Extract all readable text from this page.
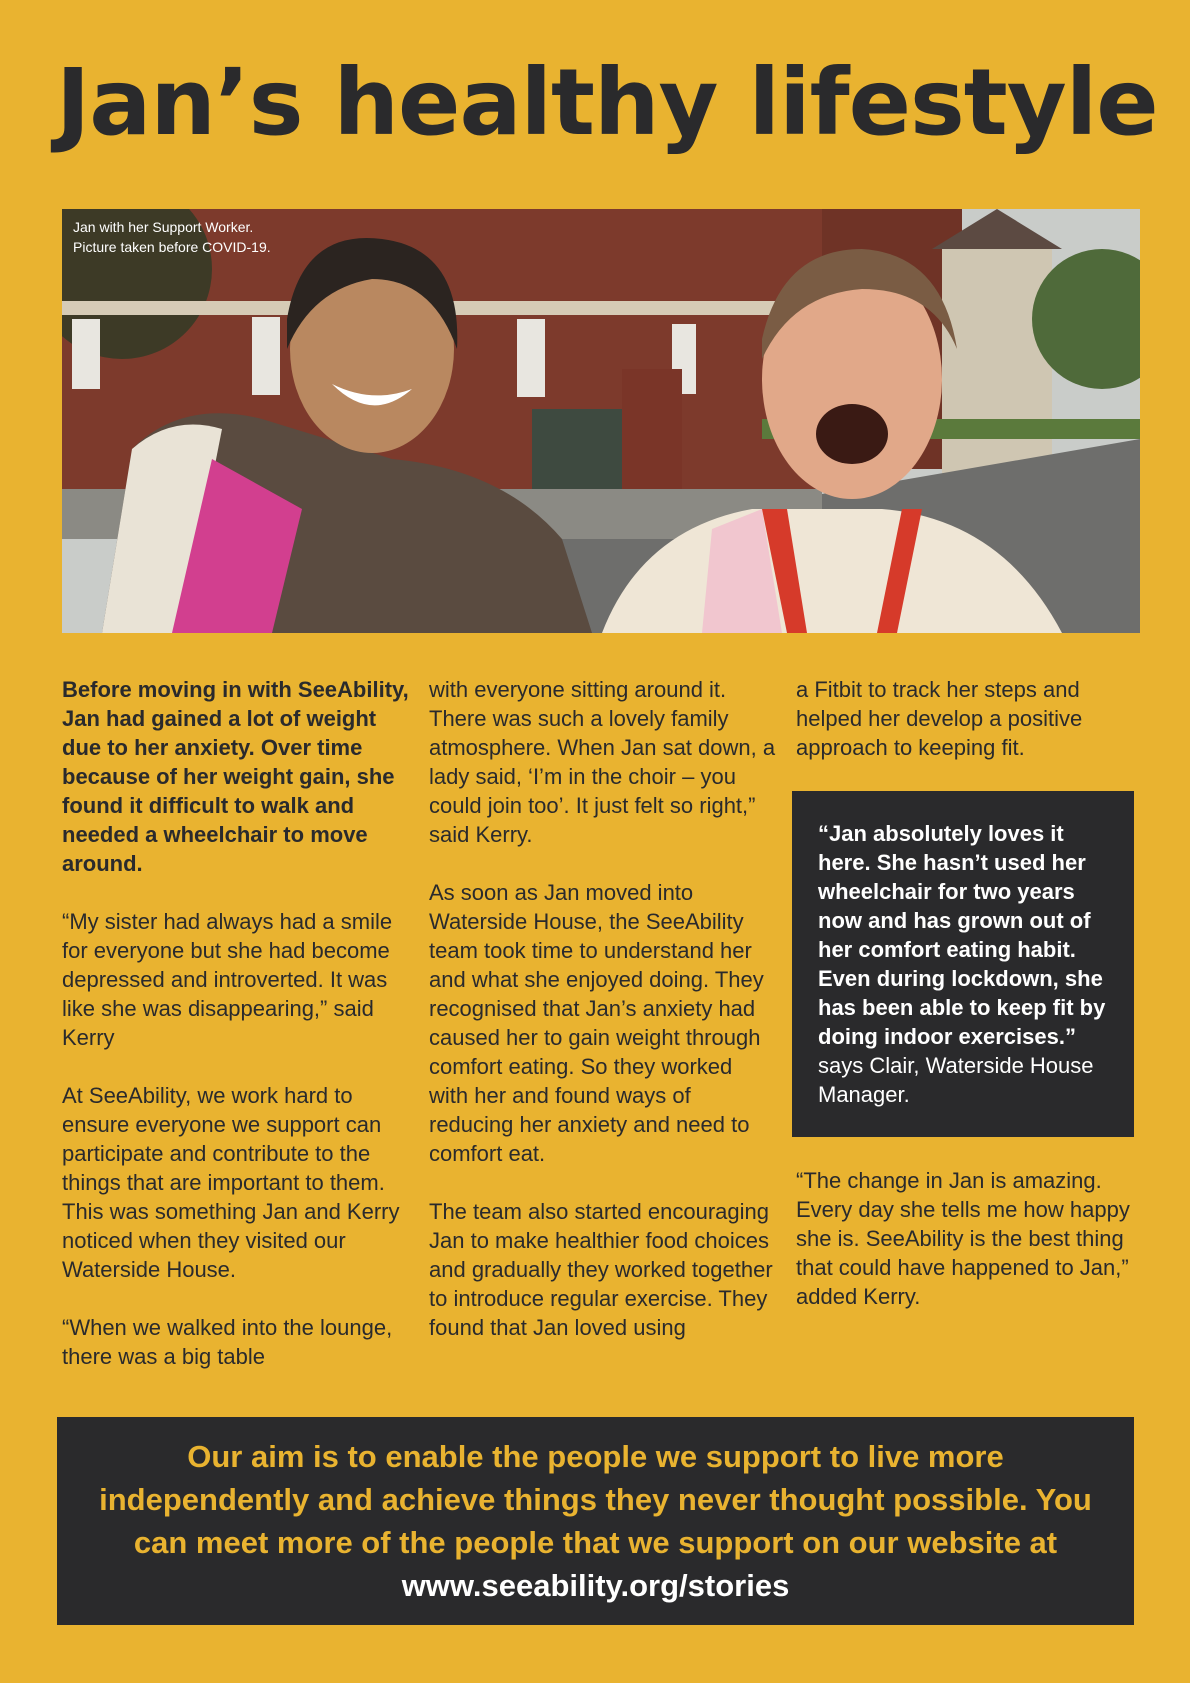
Jan’s healthy lifestyle
Jan with her Support Worker. Picture taken before COVID-19.

Before moving in with SeeAbility, Jan had gained a lot of weight due to her anxiety. Over time because of her weight gain, she found it difficult to walk and needed a wheelchair to move around.

“My sister had always had a smile for everyone but she had become depressed and introverted. It was like she was disappearing,” said Kerry

At SeeAbility, we work hard to ensure everyone we support can participate and contribute to the things that are important to them. This was something Jan and Kerry noticed when they visited our Waterside House.

“When we walked into the lounge, there was a big table

with everyone sitting around it. There was such a lovely family atmosphere. When Jan sat down, a lady said, ‘I’m in the choir – you could join too’. It just felt so right,” said Kerry.

As soon as Jan moved into Waterside House, the SeeAbility team took time to understand her and what she enjoyed doing. They recognised that Jan’s anxiety had caused her to gain weight through comfort eating. So they worked with her and found ways of reducing her anxiety and need to comfort eat.

The team also started encouraging Jan to make healthier food choices and gradually they worked together to introduce regular exercise. They found that Jan loved using

a Fitbit to track her steps and helped her develop a positive approach to keeping fit.

“Jan absolutely loves it here. She hasn’t used her wheelchair for two years now and has grown out of her comfort eating habit. Even during lockdown, she has been able to keep fit by doing indoor exercises.” says Clair, Waterside House Manager.

“The change in Jan is amazing. Every day she tells me how happy she is. SeeAbility is the best thing that could have happened to Jan,” added Kerry.

Our aim is to enable the people we support to live more independently and achieve things they never thought possible. You can meet more of the people that we support on our website at www.seeability.org/stories
